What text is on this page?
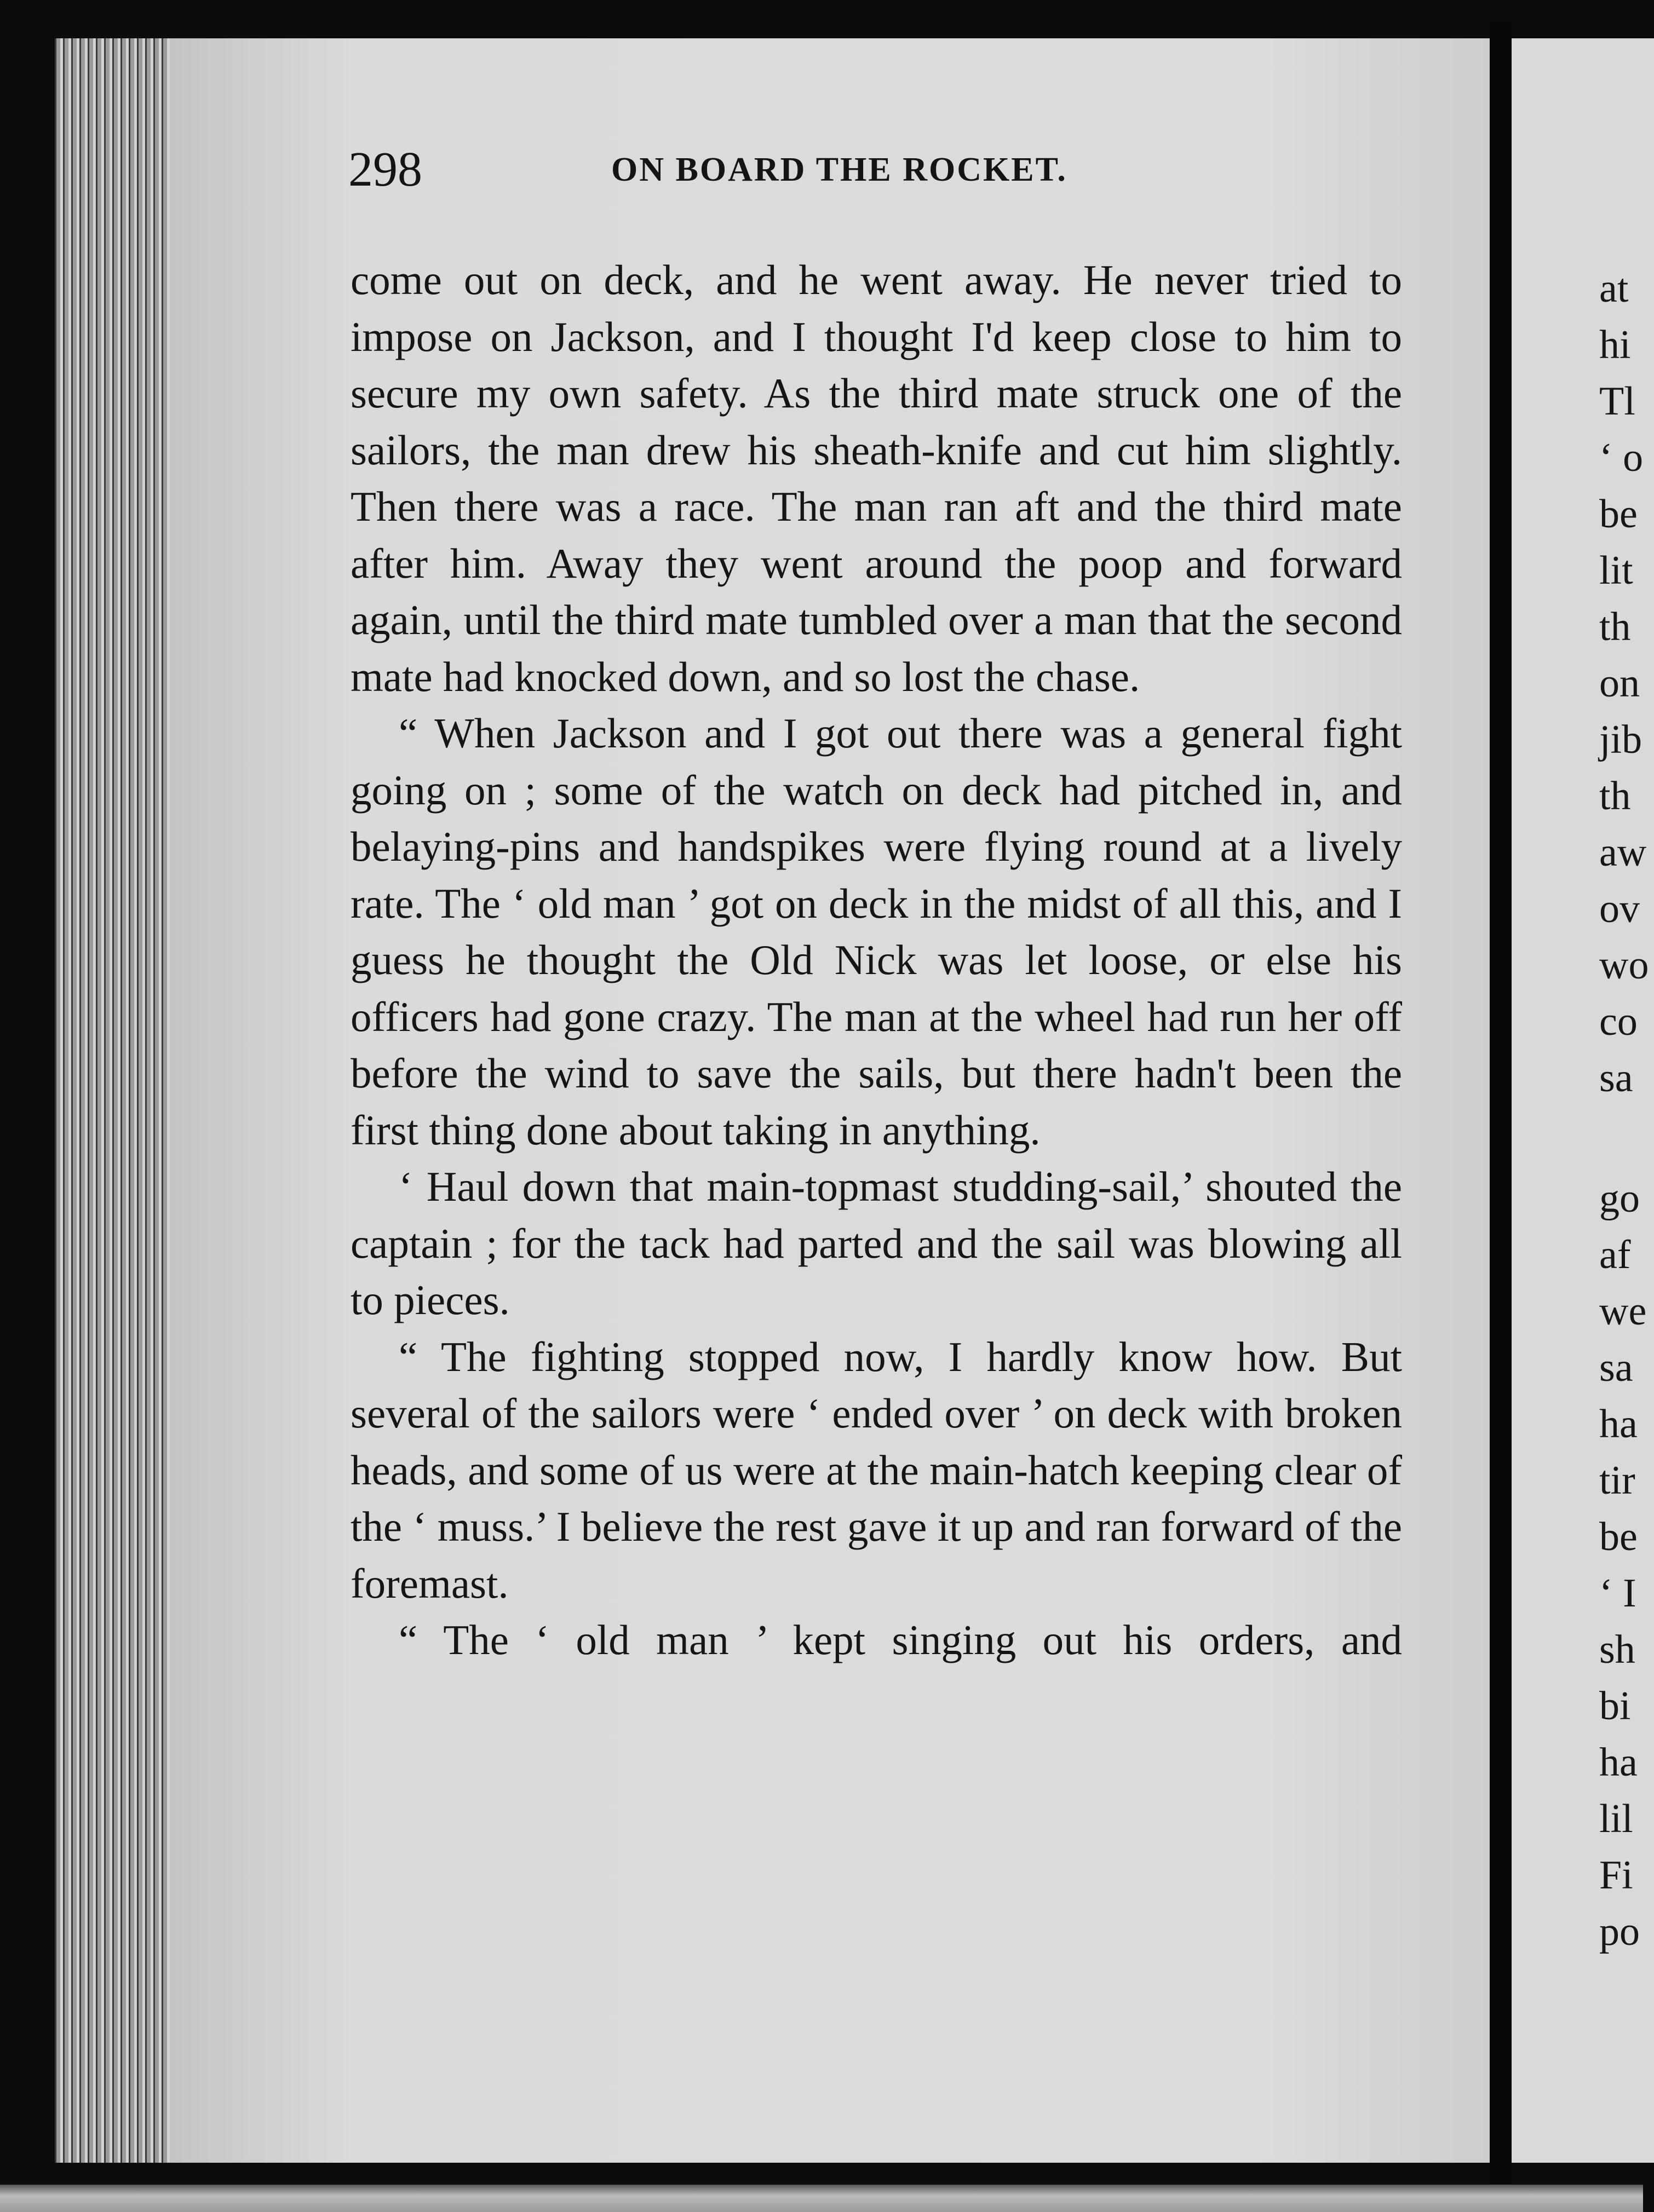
at
hi
Tl
‘ o
be
lit
th
on
jib
th
aw
ov
wo
co
sa
go
af
we
sa
ha
tir
be
‘ I
sh
bi
ha
lil
Fi
po
298	ON BOARD THE ROCKET.

come out on deck, and he went away. He never tried to impose on Jackson, and I thought I'd keep close to him to secure my own safety. As the third mate struck one of the sailors, the man drew his sheath-knife and cut him slightly. Then there was a race. The man ran aft and the third mate after him. Away they went around the poop and forward again, until the third mate tumbled over a man that the second mate had knocked down, and so lost the chase.

“ When Jackson and I got out there was a general fight going on ; some of the watch on deck had pitched in, and belaying-pins and handspikes were flying round at a lively rate. The ‘ old man ’ got on deck in the midst of all this, and I guess he thought the Old Nick was let loose, or else his officers had gone crazy. The man at the wheel had run her off before the wind to save the sails, but there hadn't been the first thing done about taking in anything.

‘ Haul down that main-topmast studding-sail,’ shouted the captain ; for the tack had parted and the sail was blowing all to pieces.

“ The fighting stopped now, I hardly know how. But several of the sailors were ‘ ended over ’ on deck with broken heads, and some of us were at the main-hatch keeping clear of the ‘ muss.’ I believe the rest gave it up and ran forward of the foremast.

“ The ‘ old man ’ kept singing out his orders, and
